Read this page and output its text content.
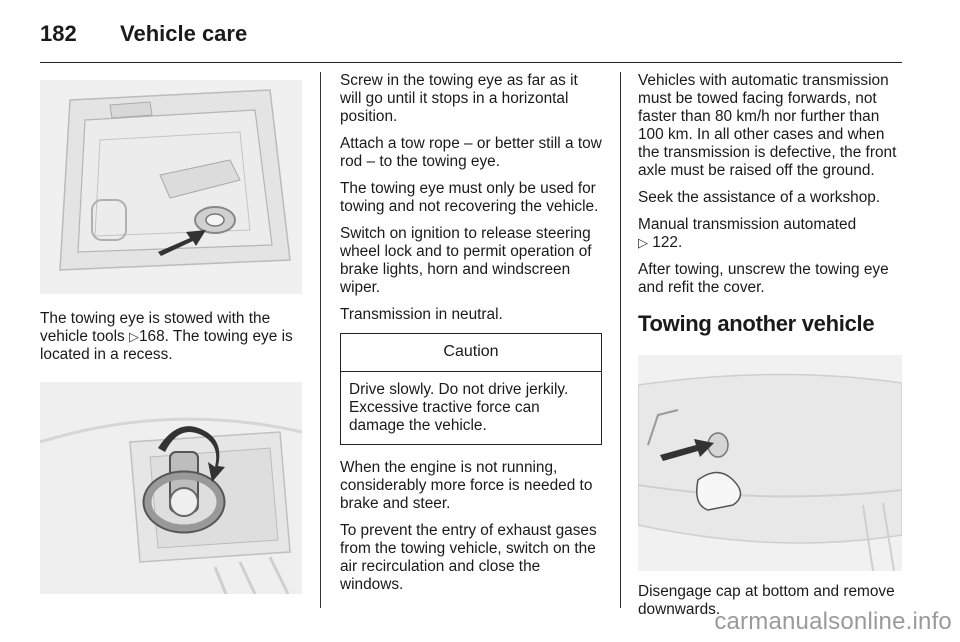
182	Vehicle care

The towing eye is stowed with the vehicle tools ▷168. The towing eye is located in a recess.

Screw in the towing eye as far as it will go until it stops in a horizontal position.

Attach a tow rope – or better still a tow rod – to the towing eye.

The towing eye must only be used for towing and not recovering the vehicle.

Switch on ignition to release steering wheel lock and to permit operation of brake lights, horn and windscreen wiper.

Transmission in neutral.

Caution

Drive slowly. Do not drive jerkily. Excessive tractive force can damage the vehicle.

When the engine is not running, considerably more force is needed to brake and steer.

To prevent the entry of exhaust gases from the towing vehicle, switch on the air recirculation and close the windows.

Vehicles with automatic transmission must be towed facing forwards, not faster than 80 km/h nor further than 100 km. In all other cases and when the transmission is defective, the front axle must be raised off the ground.

Seek the assistance of a workshop.

Manual transmission automated
▷ 122.

After towing, unscrew the towing eye and refit the cover.

Towing another vehicle

Disengage cap at bottom and remove downwards.

carmanualsonline.info
